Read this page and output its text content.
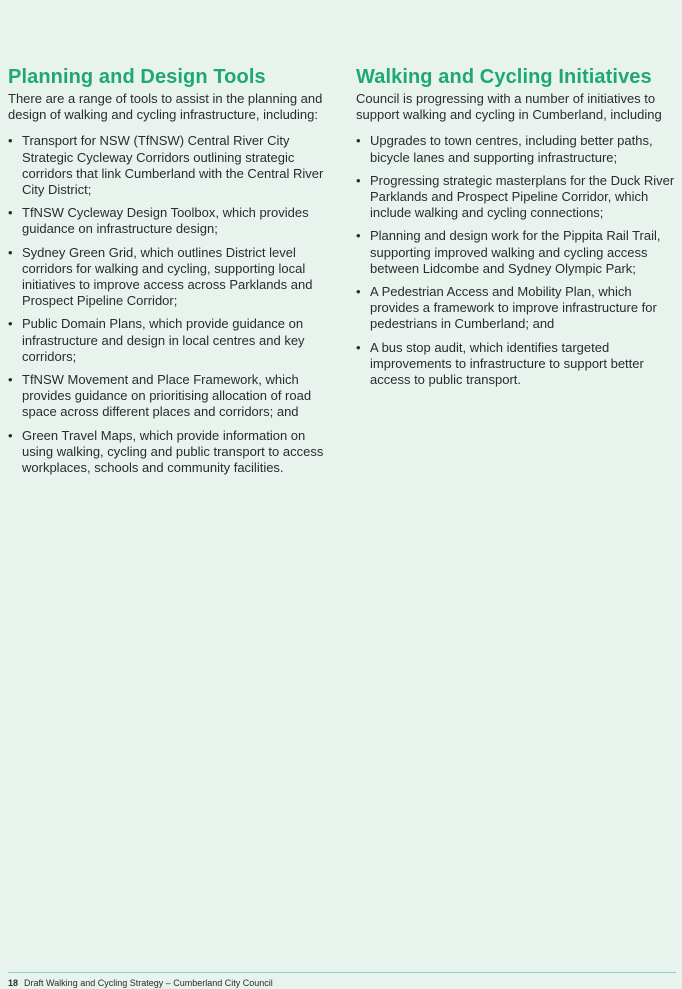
Planning and Design Tools

There are a range of tools to assist in the planning and design of walking and cycling infrastructure, including:

• Transport for NSW (TfNSW) Central River City Strategic Cycleway Corridors outlining strategic corridors that link Cumberland with the Central River City District;
• TfNSW Cycleway Design Toolbox, which provides guidance on infrastructure design;
• Sydney Green Grid, which outlines District level corridors for walking and cycling, supporting local initiatives to improve access across Parklands and Prospect Pipeline Corridor;
• Public Domain Plans, which provide guidance on infrastructure and design in local centres and key corridors;
• TfNSW Movement and Place Framework, which provides guidance on prioritising allocation of road space across different places and corridors; and
• Green Travel Maps, which provide information on using walking, cycling and public transport to access workplaces, schools and community facilities.
Walking and Cycling Initiatives

Council is progressing with a number of initiatives to support walking and cycling in Cumberland, including

• Upgrades to town centres, including better paths, bicycle lanes and supporting infrastructure;
• Progressing strategic masterplans for the Duck River Parklands and Prospect Pipeline Corridor, which include walking and cycling connections;
• Planning and design work for the Pippita Rail Trail, supporting improved walking and cycling access between Lidcombe and Sydney Olympic Park;
• A Pedestrian Access and Mobility Plan, which provides a framework to improve infrastructure for pedestrians in Cumberland; and
• A bus stop audit, which identifies targeted improvements to infrastructure to support better access to public transport.
18 Draft Walking and Cycling Strategy – Cumberland City Council
